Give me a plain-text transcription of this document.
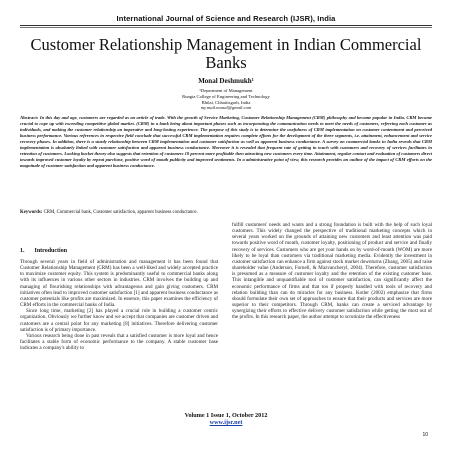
International Journal of Science and Research (IJSR), India
Customer Relationship Management in Indian Commercial Banks
Monal Deshmukh¹
¹Department of Management
Rungta College of Engineering and Technology
Bhilai, Chhattisgarh, India
my.mail.monal@gmail.com
Abstract: In this day and age, customers are regarded as an article of trade. With the growth of Service Marketing, Customer Relationship Management (CRM) philosophy and became popular in India. CRM became crucial to cope up with exceeding competitive global market. (CRM) in a bank bring about important phases such as incorporating the communication needs to meet the needs of customers, referring each customer as individuals, and making the customer relationship an imperative and long-lasting experience. The purpose of this study is to determine the usefulness of CRM implementation on customer contentment and perceived business performance. Various references in respective field conclude that successful CRM implementation requires complete efforts for the development of the three segments, i.e. attainment, enhancement and service recovery phases. In addition, there is a sturdy relationship between CRM implementation and customer satisfaction as well as apparent business conductance. A survey on commercial banks in India reveals that CRM implementation is absolutely linked with customer satisfaction and apparent business conductance. Moreover it is revealed that frequent rate of getting in touch with customers and recovery of services facilitates in retention of customers. Looking bucket theory also suggests that retention of customers 10 percent more profitable then attracting new customers every time. Attainment, regular contact and evaluation of customers direct towards improved customer loyalty by repeat purchase, positive word of mouth publicity and improved sentiments. In a administrative point of view, this research provides an outline of the impact of CRM efforts on the magnitude of customer satisfaction and apparent business conductance.
Keywords: CRM, Commercial bank, Customer satisfaction, apparent business conductance.
1. Introduction

Through several years in field of administration and management it has been found that Customer Relationship Management (CRM) has been a well-liked and widely accepted practice to maximize customer equity. This system is predominantly useful to commercial banks along with its influences in various other sectors in industries. CRM involves the building up and managing of flourishing relationships with advantageous and gain giving customers. CRM initiatives often lead to improved customer satisfaction [1] and apparent business conductance as customer potentials like profits are maximized. In essence, this paper examines the efficiency of CRM efforts in the commercial banks of India.

Since long time, marketing [2] has played a crucial role in building a customer centric organization. Obviously we further know and we accept that companies are customer driven and customers are a central point for any marketing [8] initiatives. Therefore delivering customer satisfaction is of primary importance.

Various research being done in past reveals that a satisfied customer is more loyal and hence facilitates a stable form of economic performance to the company. A stable customer base indicates a company's ability to

fulfill customers' needs and wants and a strong foundation is built with the help of such loyal customers. This widely changed the perspective of traditional marketing concepts which in several years worked on the grounds of attaining new customers and least attention was paid towards positive word of mouth, customer loyalty, positioning of product and service and finally recovery of services. Customers who are get your hands on by word-of-mouth (WOM) are more likely to be loyal than customers via traditional marketing media. Evidently the investment in customer satisfaction can enhance a firm against stock market downturns (Zhang, 2005) and raise shareholder value (Anderson, Fornell, & Mazvancheryl, 2004). Therefore, customer satisfaction is presumed as a measure of customer loyalty and the retention of the existing customer base. This intangible and unquantifiable tool of customer satisfaction, can significantly affect the economic performance of firms and that too if properly handled with tools of recovery and relation building than can do miracles for any business. Kotler (2002) emphasize that firms should formulate their own set of approaches to ensure that their products and services are more superior to their competitors. Through CRM, banks can create a serviced advantage by synergizing their efforts to effective delivery customer satisfaction while getting the most out of the profits. In this research paper, the author attempt to scrutinize the effectiveness

Volume 1 Issue 1, October 2012
www.ijsr.net
10
